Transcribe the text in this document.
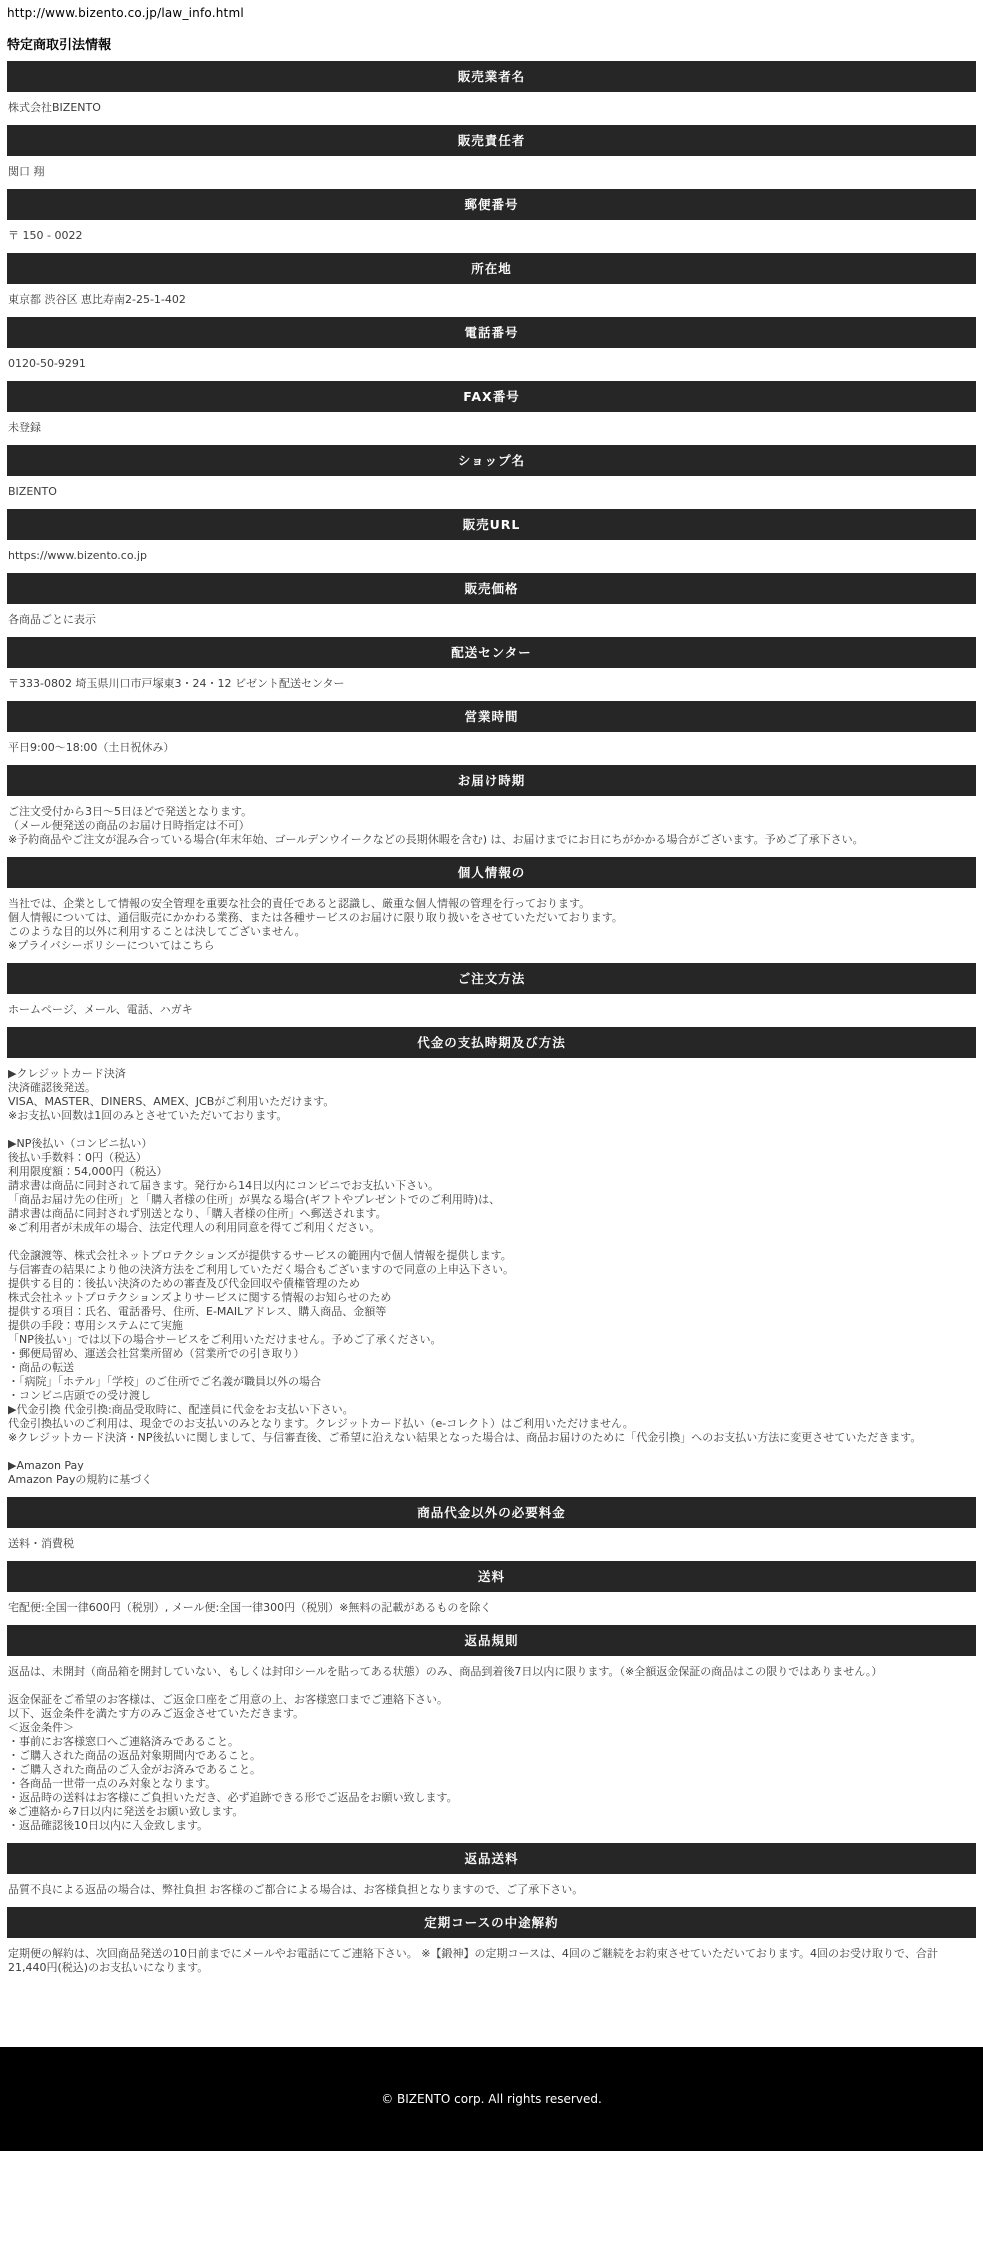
http://www.bizento.co.jp/law_info.html
特定商取引法情報
販売業者名

株式会社BIZENTO

販売責任者

関口 翔

郵便番号

〒 150 - 0022

所在地

東京都 渋谷区 恵比寿南2-25-1-402

電話番号

0120-50-9291

FAX番号

未登録

ショップ名

BIZENTO

販売URL

https://www.bizento.co.jp

販売価格

各商品ごとに表示

配送センター

〒333-0802 埼玉県川口市戸塚東3・24・12 ビゼント配送センター

営業時間

平日9:00〜18:00（土日祝休み）

お届け時期

ご注文受付から3日〜5日ほどで発送となります。

（メール便発送の商品のお届け日時指定は不可）

※予約商品やご注文が混み合っている場合(年末年始、ゴールデンウイークなどの長期休暇を含む) は、お届けまでにお日にちがかかる場合がございます。予めご了承下さい。

個人情報の

当社では、企業として情報の安全管理を重要な社会的責任であると認識し、厳重な個人情報の管理を行っております。

個人情報については、通信販売にかかわる業務、または各種サービスのお届けに限り取り扱いをさせていただいております。

このような目的以外に利用することは決してございません。

※プライバシーポリシーについてはこちら

ご注文方法

ホームページ、メール、電話、ハガキ

代金の支払時期及び方法

▶クレジットカード決済

決済確認後発送。

VISA、MASTER、DINERS、AMEX、JCBがご利用いただけます。

※お支払い回数は1回のみとさせていただいております。

▶NP後払い（コンビニ払い）

後払い手数料：0円（税込）

利用限度額：54,000円（税込）

請求書は商品に同封されて届きます。発行から14日以内にコンビニでお支払い下さい。

「商品お届け先の住所」と「購入者様の住所」が異なる場合(ギフトやプレゼントでのご利用時)は、

請求書は商品に同封されず別送となり、「購入者様の住所」へ郵送されます。

※ご利用者が未成年の場合、法定代理人の利用同意を得てご利用ください。

代金譲渡等、株式会社ネットプロテクションズが提供するサービスの範囲内で個人情報を提供します。

与信審査の結果により他の決済方法をご利用していただく場合もございますので同意の上申込下さい。

提供する目的：後払い決済のための審査及び代金回収や債権管理のため

株式会社ネットプロテクションズよりサービスに関する情報のお知らせのため

提供する項目：氏名、電話番号、住所、E-MAILアドレス、購入商品、金額等

提供の手段：専用システムにて実施

「NP後払い」では以下の場合サービスをご利用いただけません。予めご了承ください。

・郵便局留め、運送会社営業所留め（営業所での引き取り）

・商品の転送

・「病院」「ホテル」「学校」のご住所でご名義が職員以外の場合

・コンビニ店頭での受け渡し

▶代金引換 代金引換:商品受取時に、配達員に代金をお支払い下さい。

代金引換払いのご利用は、現金でのお支払いのみとなります。クレジットカード払い（e-コレクト）はご利用いただけません。

※クレジットカード決済・NP後払いに関しまして、与信審査後、ご希望に沿えない結果となった場合は、商品お届けのために「代金引換」へのお支払い方法に変更させていただきます。

▶Amazon Pay

Amazon Payの規約に基づく

商品代金以外の必要料金

送料・消費税

送料

宅配便:全国一律600円（税別）, メール便:全国一律300円（税別）※無料の記載があるものを除く

返品規則

返品は、未開封（商品箱を開封していない、もしくは封印シールを貼ってある状態）のみ、商品到着後7日以内に限ります。（※全額返金保証の商品はこの限りではありません。）

返金保証をご希望のお客様は、ご返金口座をご用意の上、お客様窓口までご連絡下さい。

以下、返金条件を満たす方のみご返金させていただきます。

＜返金条件＞

・事前にお客様窓口へご連絡済みであること。

・ご購入された商品の返品対象期間内であること。

・ご購入された商品のご入金がお済みであること。

・各商品一世帯一点のみ対象となります。

・返品時の送料はお客様にご負担いただき、必ず追跡できる形でご返品をお願い致します。

※ご連絡から7日以内に発送をお願い致します。

・返品確認後10日以内に入金致します。

返品送料

品質不良による返品の場合は、弊社負担 お客様のご都合による場合は、お客様負担となりますので、ご了承下さい。

定期コースの中途解約

定期便の解約は、次回商品発送の10日前までにメールやお電話にてご連絡下さい。 ※【鍛神】の定期コースは、4回のご継続をお約束させていただいております。4回のお受け取りで、合計21,440円(税込)のお支払いになります。

© BIZENTO corp. All rights reserved.
